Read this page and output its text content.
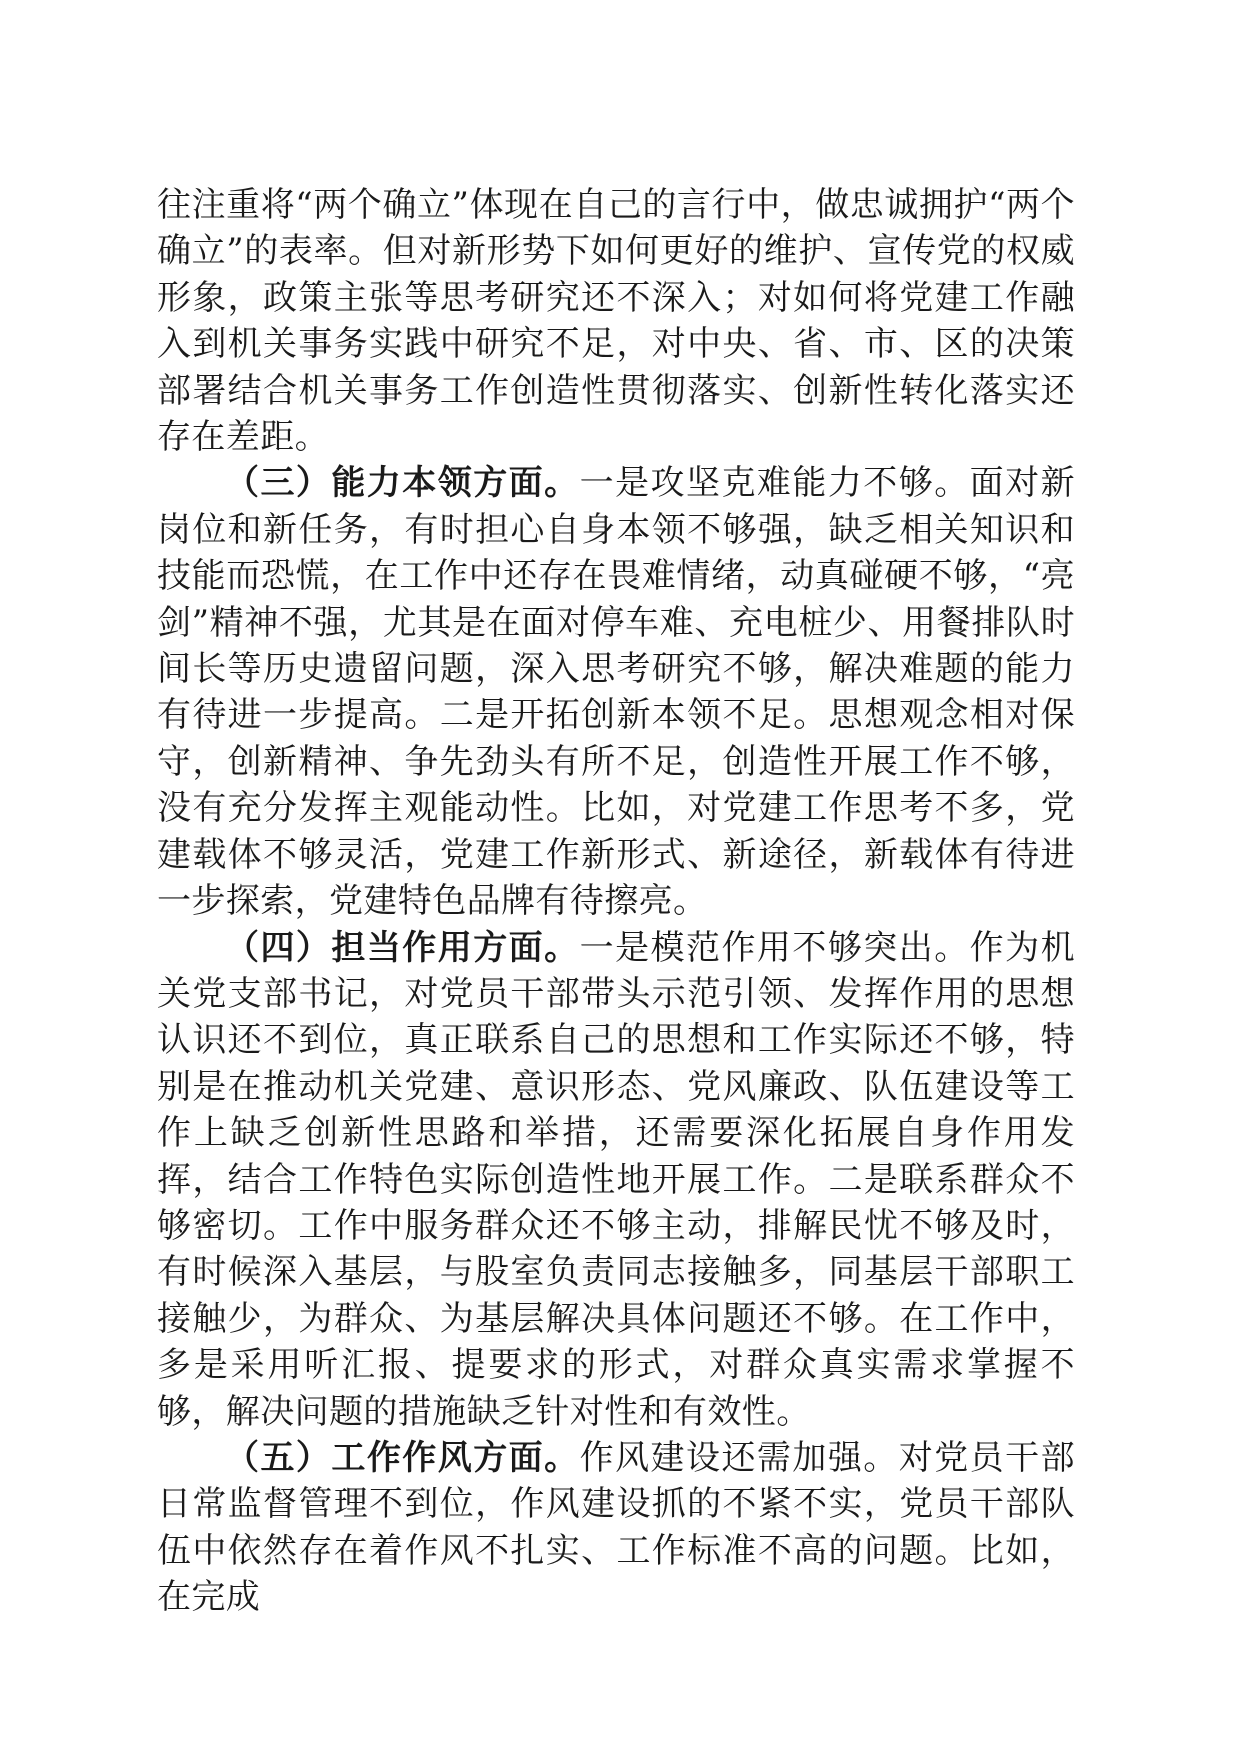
往注重将“两个确立”体现在自己的言行中，做忠诚拥护“两个确立”的表率。但对新形势下如何更好的维护、宣传党的权威形象，政策主张等思考研究还不深入；对如何将党建工作融入到机关事务实践中研究不足，对中央、省、市、区的决策部署结合机关事务工作创造性贯彻落实、创新性转化落实还存在差距。

（三）能力本领方面。一是攻坚克难能力不够。面对新岗位和新任务，有时担心自身本领不够强，缺乏相关知识和技能而恐慌，在工作中还存在畏难情绪，动真碰硬不够，“亮剑”精神不强，尤其是在面对停车难、充电桩少、用餐排队时间长等历史遗留问题，深入思考研究不够，解决难题的能力有待进一步提高。二是开拓创新本领不足。思想观念相对保守，创新精神、争先劲头有所不足，创造性开展工作不够，没有充分发挥主观能动性。比如，对党建工作思考不多，党建载体不够灵活，党建工作新形式、新途径，新载体有待进一步探索，党建特色品牌有待擦亮。

（四）担当作用方面。一是模范作用不够突出。作为机关党支部书记，对党员干部带头示范引领、发挥作用的思想认识还不到位，真正联系自己的思想和工作实际还不够，特别是在推动机关党建、意识形态、党风廉政、队伍建设等工作上缺乏创新性思路和举措，还需要深化拓展自身作用发挥，结合工作特色实际创造性地开展工作。二是联系群众不够密切。工作中服务群众还不够主动，排解民忧不够及时，有时候深入基层，与股室负责同志接触多，同基层干部职工接触少，为群众、为基层解决具体问题还不够。在工作中，多是采用听汇报、提要求的形式，对群众真实需求掌握不够，解决问题的措施缺乏针对性和有效性。

（五）工作作风方面。作风建设还需加强。对党员干部日常监督管理不到位，作风建设抓的不紧不实，党员干部队伍中依然存在着作风不扎实、工作标准不高的问题。比如，在完成
